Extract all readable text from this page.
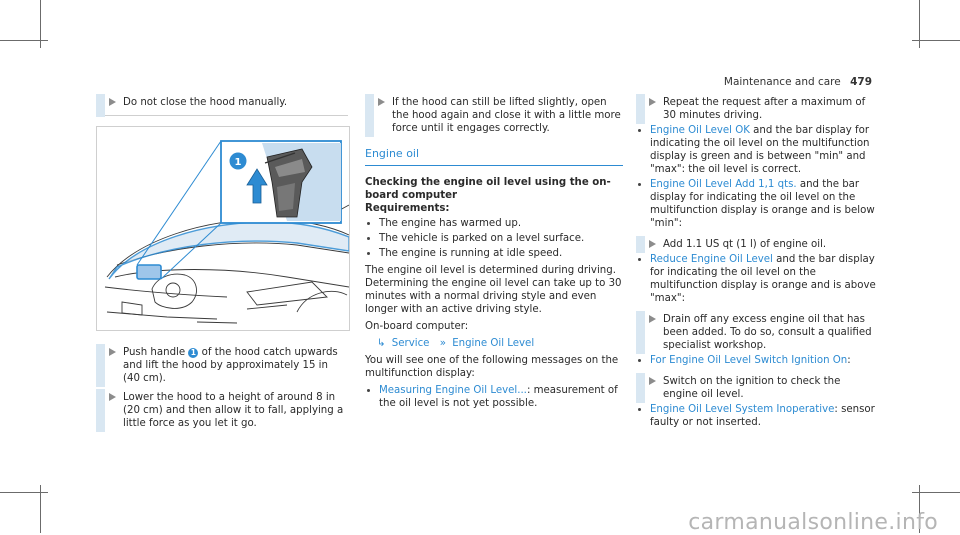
Maintenance and care 479
Do not close the hood manually.
1
Push handle 1 of the hood catch upwards and lift the hood by approximately 15 in (40 cm).
Lower the hood to a height of around 8 in (20 cm) and then allow it to fall, applying a little force as you let it go.
If the hood can still be lifted slightly, open the hood again and close it with a little more force until it engages correctly.
Engine oil
Checking the engine oil level using the on-board computer
Requirements:
The engine has warmed up.
The vehicle is parked on a level surface.
The engine is running at idle speed.
The engine oil level is determined during driving. Determining the engine oil level can take up to 30 minutes with a normal driving style and even longer with an active driving style.
On-board computer:
↳ Service » Engine Oil Level
You will see one of the following messages on the multifunction display:
Measuring Engine Oil Level...: measurement of the oil level is not yet possible.
Repeat the request after a maximum of 30 minutes driving.
Engine Oil Level OK and the bar display for indicating the oil level on the multifunction display is green and is between "min" and "max": the oil level is correct.
Engine Oil Level Add 1,1 qts. and the bar display for indicating the oil level on the multifunction display is orange and is below "min":
Add 1.1 US qt (1 l) of engine oil.
Reduce Engine Oil Level and the bar display for indicating the oil level on the multifunction display is orange and is above "max":
Drain off any excess engine oil that has been added. To do so, consult a qualified specialist workshop.
For Engine Oil Level Switch Ignition On:
Switch on the ignition to check the engine oil level.
Engine Oil Level System Inoperative: sensor faulty or not inserted.
carmanualsonline.info
